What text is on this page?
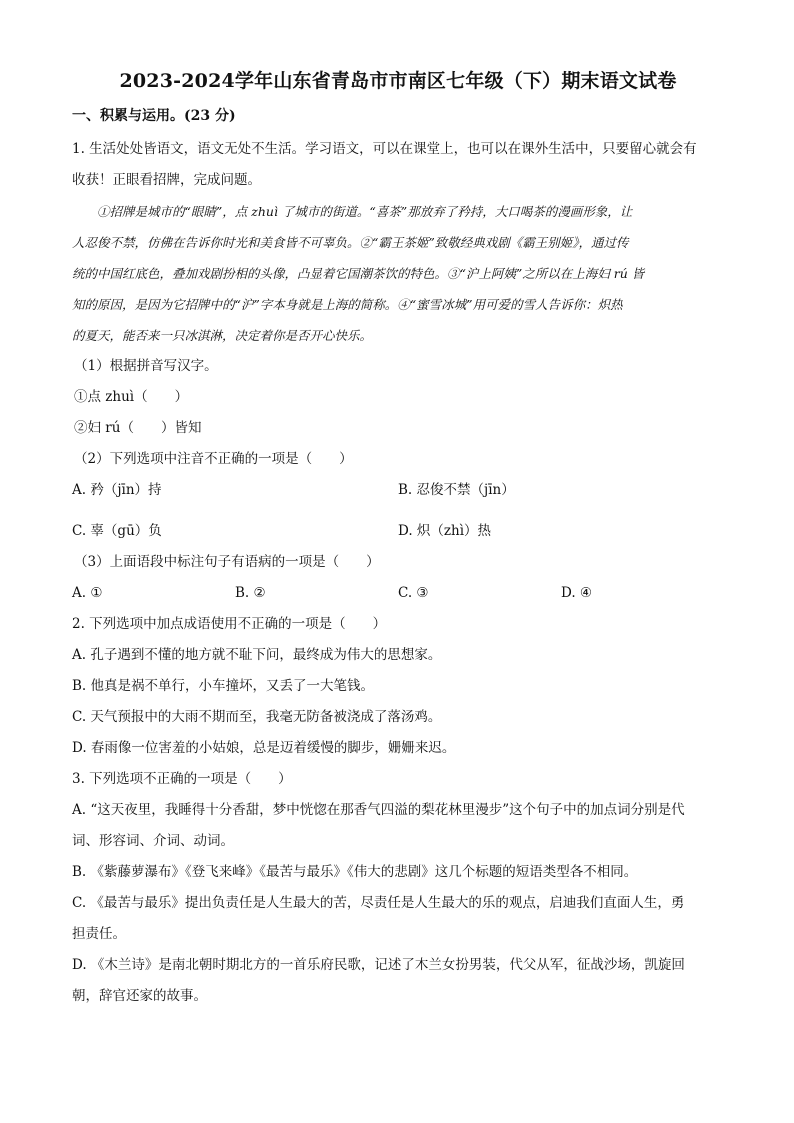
2023-2024学年山东省青岛市市南区七年级（下）期末语文试卷
一、积累与运用。(23 分)

1. 生活处处皆语文，语文无处不生活。学习语文，可以在课堂上，也可以在课外生活中，只要留心就会有

收获！正眼看招牌，完成问题。

①招牌是城市的“眼睛”，点 zhuì 了城市的街道。“喜茶”那放弃了矜持，大口喝茶的漫画形象，让

人忍俊不禁，仿佛在告诉你时光和美食皆不可辜负。②“霸王茶姬”致敬经典戏剧《霸王别姬》，通过传

统的中国红底色，叠加戏剧扮相的头像，凸显着它国潮茶饮的特色。③“沪上阿姨”之所以在上海妇 rú 皆

知的原因，是因为它招牌中的“沪”字本身就是上海的简称。④“蜜雪冰城”用可爱的雪人告诉你：炽热

的夏天，能否来一只冰淇淋，决定着你是否开心快乐。

（1）根据拼音写汉字。

①点 zhuì（　　）

②妇 rú（　　）皆知

（2）下列选项中注音不正确的一项是（　　）

A. 矜（jīn）持	B. 忍俊不禁（jīn）
C. 辜（gū）负	D. 炽（zhì）热

（3）上面语段中标注句子有语病的一项是（　　）

A. ①	B. ②	C. ③	D. ④

2. 下列选项中加点成语使用不正确的一项是（　　）

A. 孔子遇到不懂的地方就不耻下问，最终成为伟大的思想家。

B. 他真是祸不单行，小车撞坏，又丢了一大笔钱。

C. 天气预报中的大雨不期而至，我毫无防备被浇成了落汤鸡。

D. 春雨像一位害羞的小姑娘，总是迈着缓慢的脚步，姗姗来迟。

3. 下列选项不正确的一项是（　　）

A. “这天夜里，我睡得十分香甜，梦中恍惚在那香气四溢的梨花林里漫步”这个句子中的加点词分别是代

词、形容词、介词、动词。

B. 《紫藤萝瀑布》《登飞来峰》《最苦与最乐》《伟大的悲剧》这几个标题的短语类型各不相同。

C. 《最苦与最乐》提出负责任是人生最大的苦，尽责任是人生最大的乐的观点，启迪我们直面人生，勇

担责任。

D. 《木兰诗》是南北朝时期北方的一首乐府民歌，记述了木兰女扮男装，代父从军，征战沙场，凯旋回

朝，辞官还家的故事。
